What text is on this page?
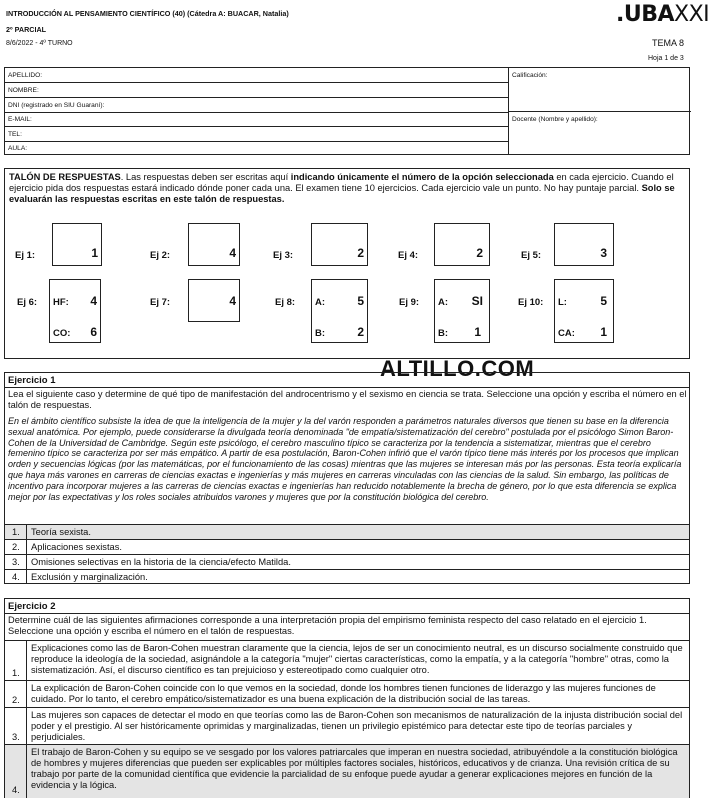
INTRODUCCIÓN AL PENSAMIENTO CIENTÍFICO (40) (Cátedra A: BUACAR, Natalia)
2º PARCIAL
8/6/2022 - 4º TURNO
.UBAXXI
TEMA 8
Hoja 1 de 3
APELLIDO:
NOMBRE:
DNI (registrado en SIU Guaraní):
E-MAIL:
TEL:
AULA:
Calificación:
Docente (Nombre y apellido):
TALÓN DE RESPUESTAS. Las respuestas deben ser escritas aquí indicando únicamente el número de la opción seleccionada en cada ejercicio. Cuando el ejercicio pida dos respuestas estará indicado dónde poner cada una. El examen tiene 10 ejercicios. Cada ejercicio vale un punto. No hay puntaje parcial. Solo se evaluarán las respuestas escritas en este talón de respuestas.
Ej 1:	1	Ej 2:	4	Ej 3:	2	Ej 4:	2	Ej 5:	3
Ej 6: HF: 4
CO: 6
Ej 7:	4	Ej 8: A:	5
B:	2
Ej 9: A: SI
B: 1
Ej 10: L:	5
CA: 1
ALTILLO.COM
Ejercicio 1
Lea el siguiente caso y determine de qué tipo de manifestación del androcentrismo y el sexismo en ciencia se trata. Seleccione una opción y escriba el número en el talón de respuestas.
En el ámbito científico subsiste la idea de que la inteligencia de la mujer y la del varón responden a parámetros naturales diversos que tienen su base en la diferencia sexual anatómica. Por ejemplo, puede considerarse la divulgada teoría denominada "de empatía/sistematización del cerebro" postulada por el psicólogo Simon Baron-Cohen de la Universidad de Cambridge. Según este psicólogo, el cerebro masculino típico se caracteriza por la tendencia a sistematizar, mientras que el cerebro femenino típico se caracteriza por ser más empático. A partir de esa postulación, Baron-Cohen infirió que el varón típico tiene más interés por los procesos que implican orden y secuencias lógicas (por las matemáticas, por el funcionamiento de las cosas) mientras que las mujeres se interesan más por las personas. Esta teoría explicaría que haya más varones en carreras de ciencias exactas e ingenierías y más mujeres en carreras vinculadas con las ciencias de la salud. Sin embargo, las políticas de incentivo para incorporar mujeres a las carreras de ciencias exactas e ingenierías han reducido notablemente la brecha de género, por lo que esta diferencia se explica mejor por las expectativas y los roles sociales atribuidos varones y mujeres que por la constitución biológica del cerebro.
1. Teoría sexista.
2. Aplicaciones sexistas.
3. Omisiones selectivas en la historia de la ciencia/efecto Matilda.
4. Exclusión y marginalización.
Ejercicio 2
Determine cuál de las siguientes afirmaciones corresponde a una interpretación propia del empirismo feminista respecto del caso relatado en el ejercicio 1. Seleccione una opción y escriba el número en el talón de respuestas.
1.
Explicaciones como las de Baron-Cohen muestran claramente que la ciencia, lejos de ser un conocimiento neutral, es un discurso socialmente construido que reproduce la ideología de la sociedad, asignándole a la categoría "mujer" ciertas características, como la empatía, y a la categoría "hombre" otras, como la sistematización. Así, el discurso científico es tan prejuicioso y estereotipado como cualquier otro.
2.
La explicación de Baron-Cohen coincide con lo que vemos en la sociedad, donde los hombres tienen funciones de liderazgo y las mujeres funciones de cuidado. Por lo tanto, el cerebro empático/sistematizador es una buena explicación de la distribución social de las tareas.
3.
Las mujeres son capaces de detectar el modo en que teorías como las de Baron-Cohen son mecanismos de naturalización de la injusta distribución social del poder y el prestigio. Al ser históricamente oprimidas y marginalizadas, tienen un privilegio epistémico para detectar este tipo de teorías parciales y perjudiciales.
4.
El trabajo de Baron-Cohen y su equipo se ve sesgado por los valores patriarcales que imperan en nuestra sociedad, atribuyéndole a la constitución biológica de hombres y mujeres diferencias que pueden ser explicables por múltiples factores sociales, históricos, educativos y de crianza. Una revisión crítica de su trabajo por parte de la comunidad científica que evidencie la parcialidad de su enfoque puede ayudar a generar explicaciones mejores en función de la evidencia y la lógica.
